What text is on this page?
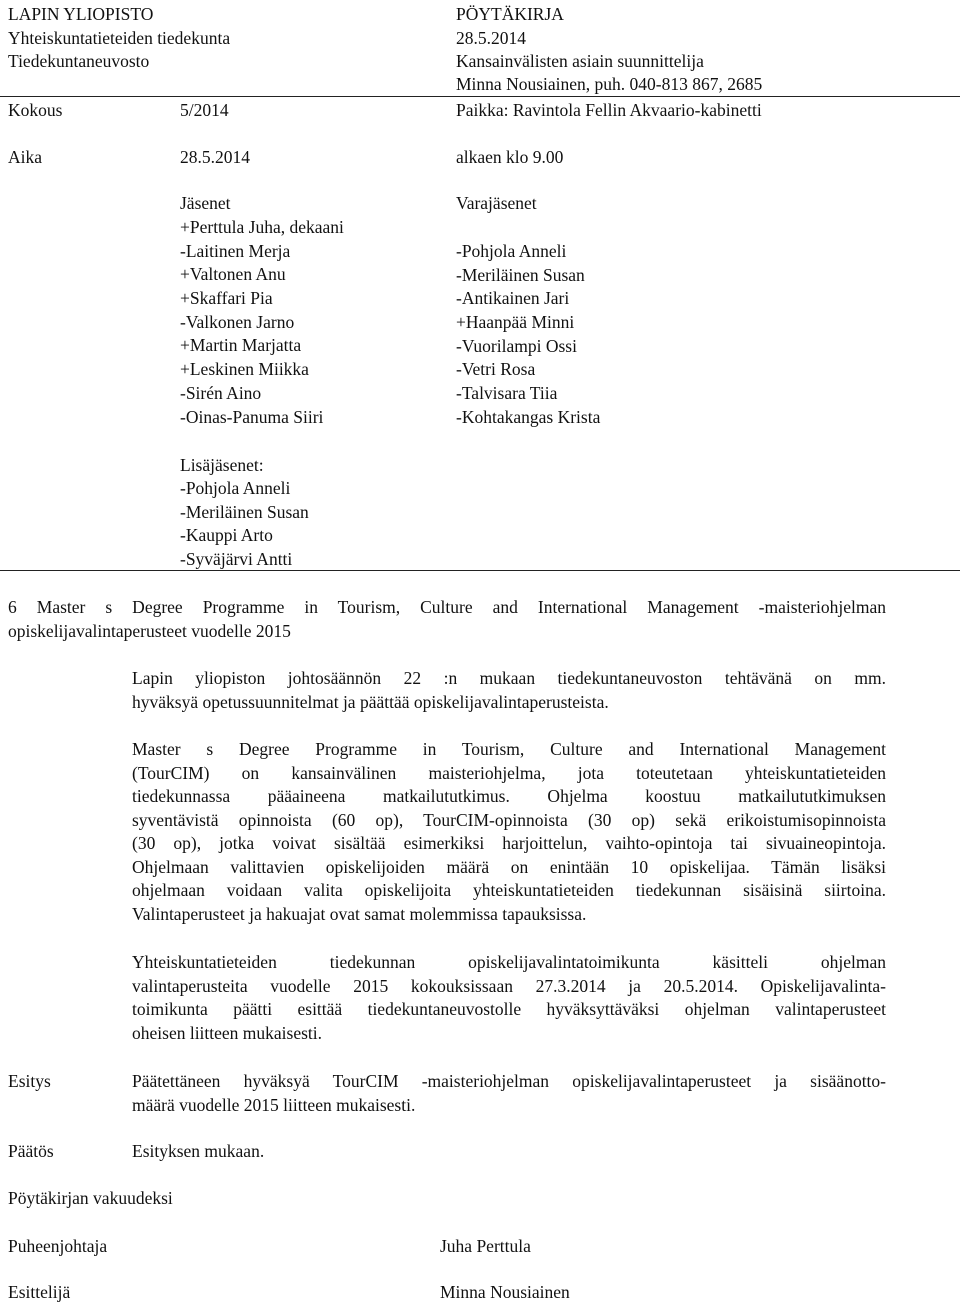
LAPIN YLIOPISTO
Yhteiskuntatieteiden tiedekunta
Tiedekuntaneuvosto
PÖYTÄKIRJA
28.5.2014
Kansainvälisten asiain suunnittelija
Minna Nousiainen, puh. 040-813 867, 2685
Kokous	5/2014	Paikka: Ravintola Fellin Akvaario-kabinetti
Aika	28.5.2014	alkaen klo 9.00
Jäsenet
+Perttula Juha, dekaani
-Laitinen Merja
+Valtonen Anu
+Skaffari Pia
-Valkonen Jarno
+Martin Marjatta
+Leskinen Miikka
-Sirén Aino
-Oinas-Panuma Siiri
Varajäsenet
-Pohjola Anneli
-Meriläinen Susan
-Antikainen Jari
+Haanpää Minni
-Vuorilampi Ossi
-Vetri Rosa
-Talvisara Tiia
-Kohtakangas Krista
Lisäjäsenet:
-Pohjola Anneli
-Meriläinen Susan
-Kauppi Arto
-Syväjärvi Antti
6 Master s Degree Programme in Tourism, Culture and International Management -maisteriohjelman
opiskelijavalintaperusteet vuodelle 2015
Lapin yliopiston johtosäännön 22 :n mukaan tiedekuntaneuvoston tehtävänä on mm.
hyväksyä opetussuunnitelmat ja päättää opiskelijavalintaperusteista.
Master s Degree Programme in Tourism, Culture and International Management
(TourCIM) on kansainvälinen maisteriohjelma, jota toteutetaan yhteiskuntatieteiden
tiedekunnassa pääaineena matkailututkimus. Ohjelma koostuu matkailututkimuksen
syventävistä opinnoista (60 op), TourCIM-opinnoista (30 op) sekä erikoistumisopinnoista
(30 op), jotka voivat sisältää esimerkiksi harjoittelun, vaihto-opintoja tai sivuaineopintoja.
Ohjelmaan valittavien opiskelijoiden määrä on enintään 10 opiskelijaa. Tämän lisäksi
ohjelmaan voidaan valita opiskelijoita yhteiskuntatieteiden tiedekunnan sisäisinä siirtoina.
Valintaperusteet ja hakuajat ovat samat molemmissa tapauksissa.
Yhteiskuntatieteiden tiedekunnan opiskelijavalintatoimikunta käsitteli ohjelman
valintaperusteita vuodelle 2015 kokouksissaan 27.3.2014 ja 20.5.2014. Opiskelijavalinta-
toimikunta päätti esittää tiedekuntaneuvostolle hyväksyttäväksi ohjelman valintaperusteet
oheisen liitteen mukaisesti.
Esitys	Päätettäneen hyväksyä TourCIM -maisteriohjelman opiskelijavalintaperusteet ja sisäänotto-
määrä vuodelle 2015 liitteen mukaisesti.
Päätös	Esityksen mukaan.
Pöytäkirjan vakuudeksi
Puheenjohtaja	Juha Perttula
Esittelijä	Minna Nousiainen
